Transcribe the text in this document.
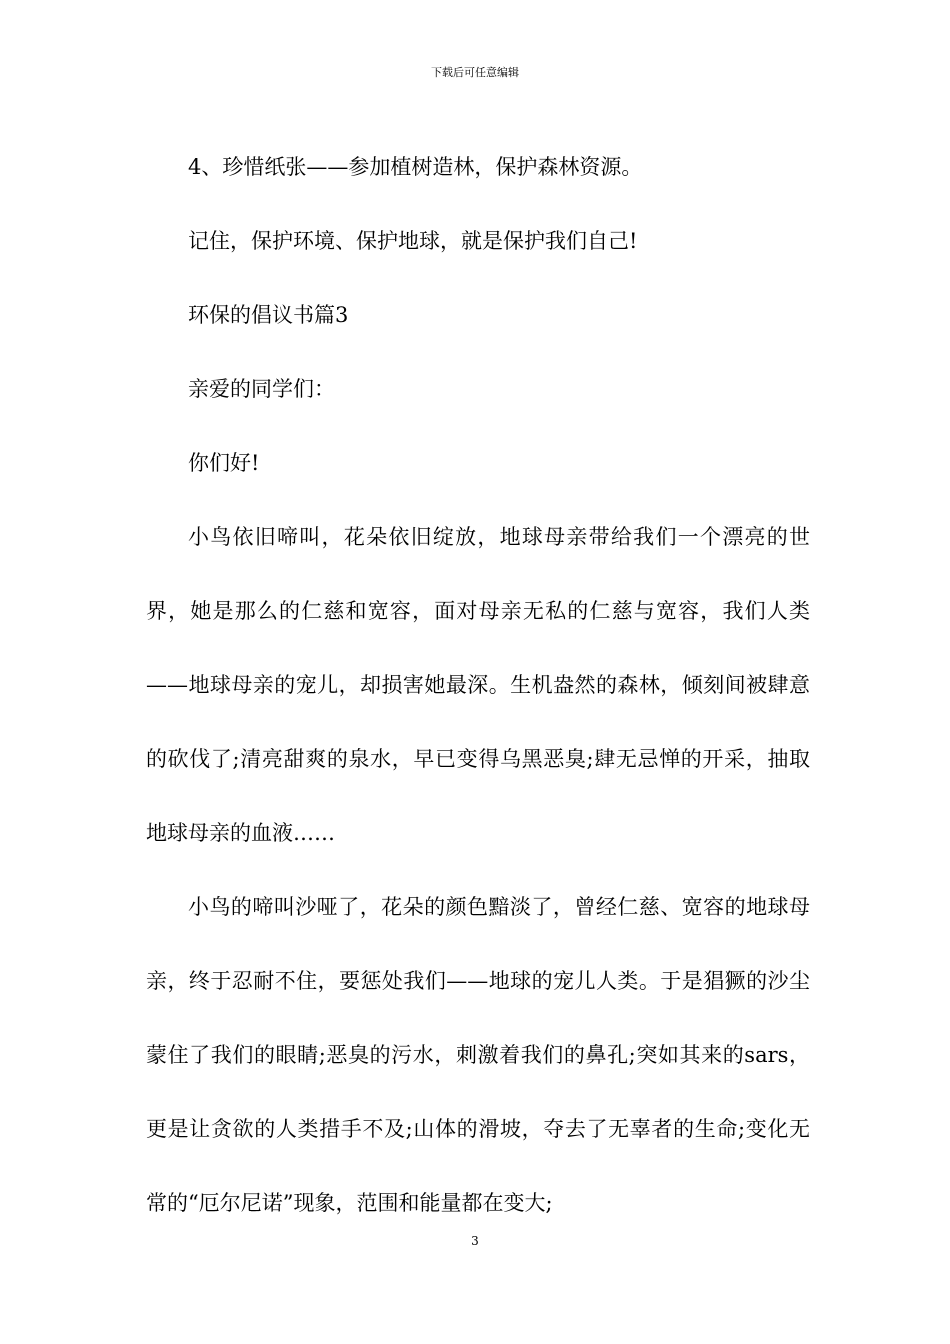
下载后可任意编辑

4、珍惜纸张——参加植树造林，保护森林资源。

记住，保护环境、保护地球，就是保护我们自己!

环保的倡议书篇3

亲爱的同学们：

你们好!

小鸟依旧啼叫，花朵依旧绽放，地球母亲带给我们一个漂亮的世界，她是那么的仁慈和宽容，面对母亲无私的仁慈与宽容，我们人类——地球母亲的宠儿，却损害她最深。生机盎然的森林，倾刻间被肆意的砍伐了;清亮甜爽的泉水，早已变得乌黑恶臭;肆无忌惮的开采，抽取地球母亲的血液……

小鸟的啼叫沙哑了，花朵的颜色黯淡了，曾经仁慈、宽容的地球母亲，终于忍耐不住，要惩处我们——地球的宠儿人类。于是猖獗的沙尘蒙住了我们的眼睛;恶臭的污水，刺激着我们的鼻孔;突如其来的sars，更是让贪欲的人类措手不及;山体的滑坡，夺去了无辜者的生命;变化无常的“厄尔尼诺”现象，范围和能量都在变大;

3
